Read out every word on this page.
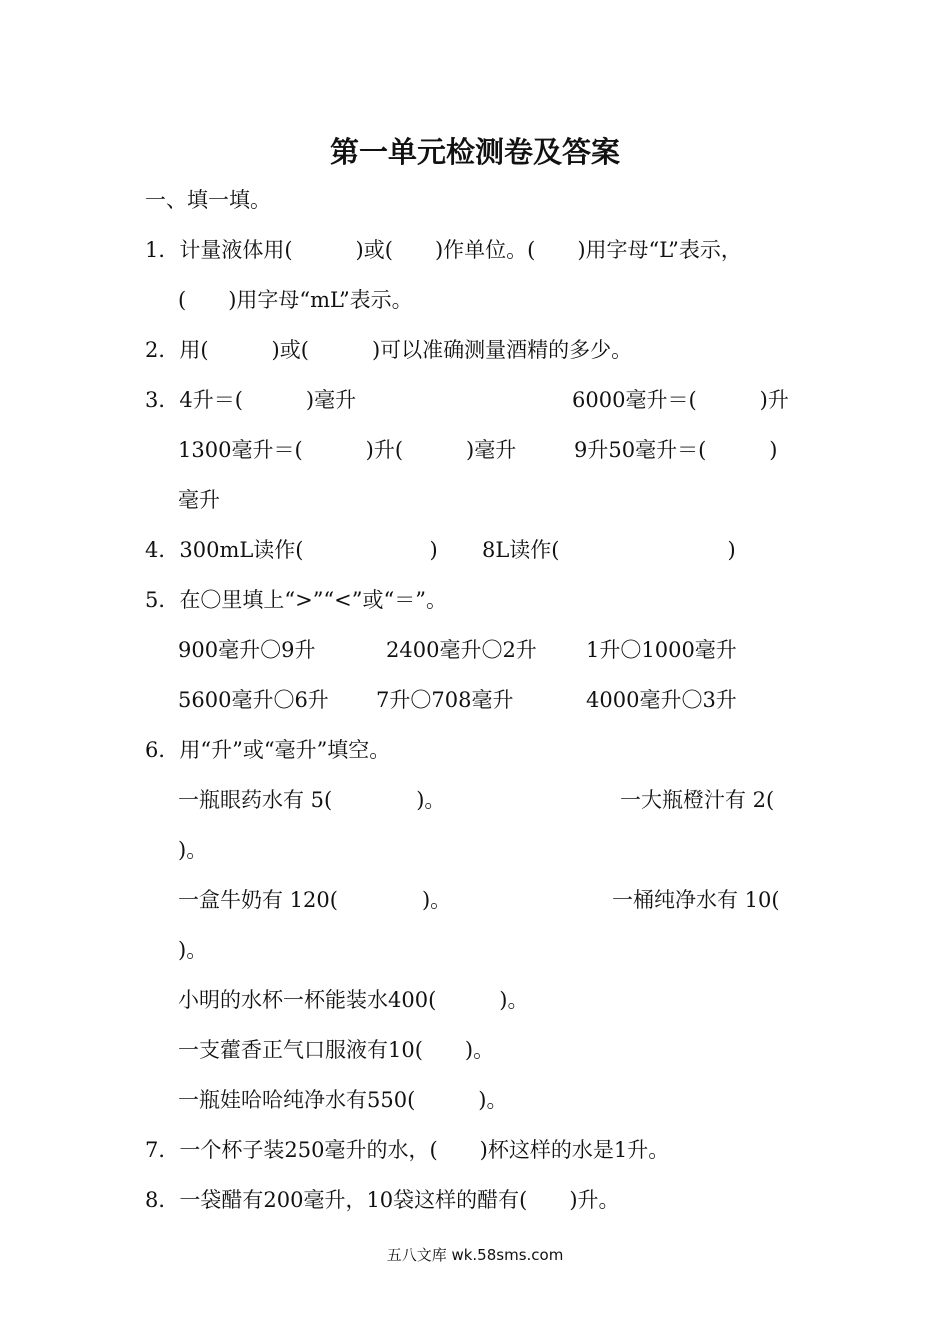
第一单元检测卷及答案
一、填一填。
1．计量液体用(　　　)或(　　)作单位。(　　)用字母“L”表示，
(　　)用字母“mL”表示。
2．用(　　　)或(　　　)可以准确测量酒精的多少。
3．4升＝(　　　)毫升	6000毫升＝(　　　)升
1300毫升＝(　　　)升(　　　)毫升	9升50毫升＝(　　　)
毫升
4．300mL读作(　　　　　　) 8L读作(　　　　　　　　)
5．在〇里填上“>”“<”或“＝”。
900毫升〇9升	2400毫升〇2升 1升〇1000毫升
5600毫升〇6升 7升〇708毫升	4000毫升〇3升
6．用“升”或“毫升”填空。
一瓶眼药水有 5(　　　　)。	一大瓶橙汁有 2(
)。
一盒牛奶有 120(　　　　)。	一桶纯净水有 10(
)。
小明的水杯一杯能装水400(　　　)。
一支藿香正气口服液有10(　　)。
一瓶娃哈哈纯净水有550(　　　)。
7．一个杯子装250毫升的水，(　　)杯这样的水是1升。
8．一袋醋有200毫升，10袋这样的醋有(　　)升。
五八文库 wk.58sms.com
